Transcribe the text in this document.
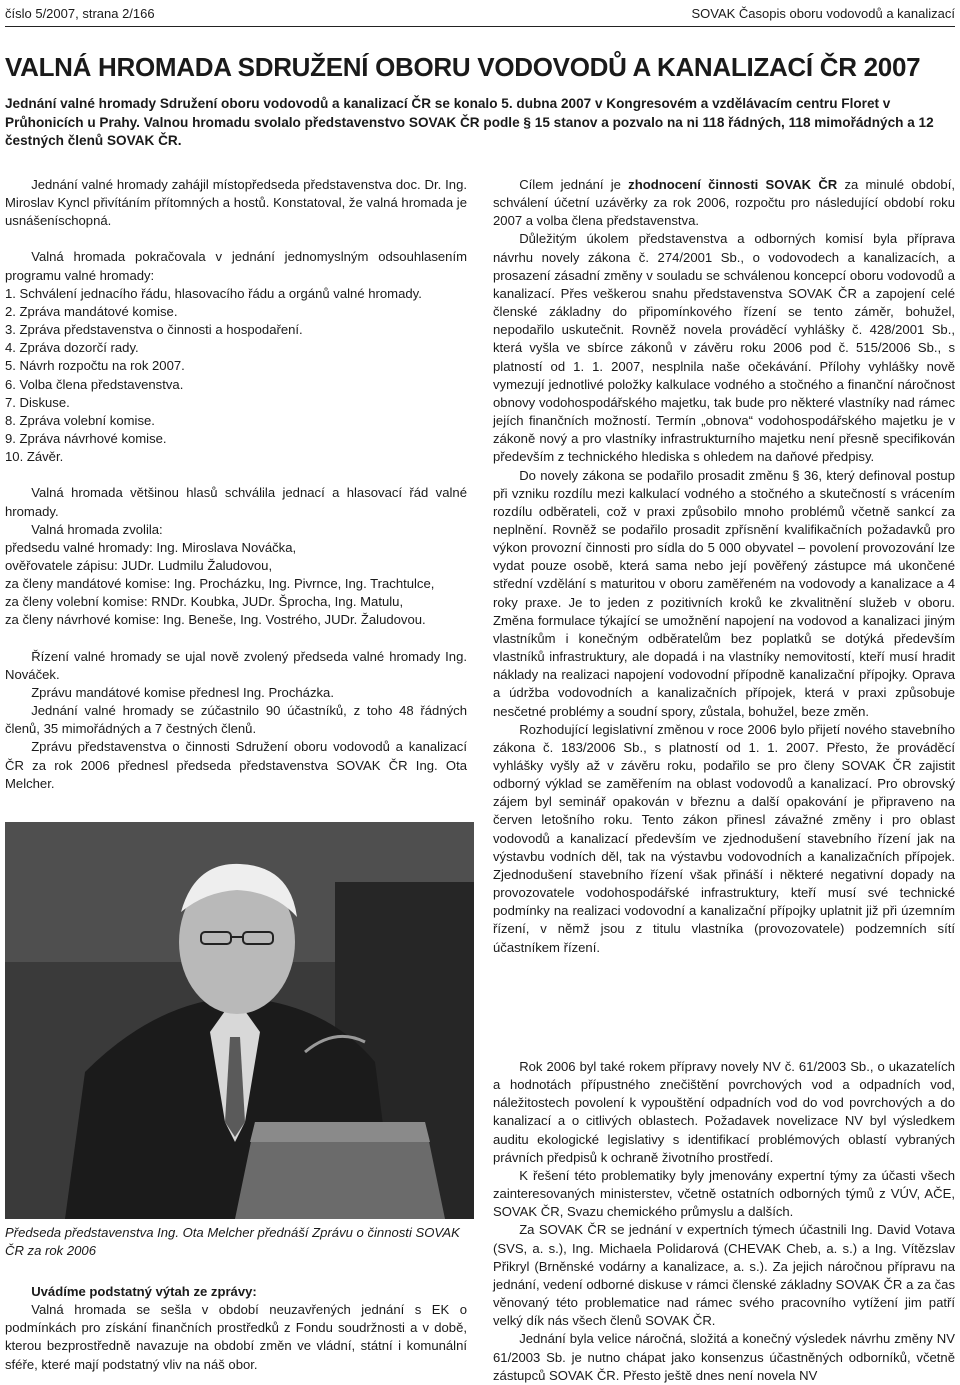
číslo 5/2007, strana 2/166	SOVAK Časopis oboru vodovodů a kanalizací
VALNÁ HROMADA SDRUŽENÍ OBORU VODOVODŮ A KANALIZACÍ ČR 2007

Jednání valné hromady Sdružení oboru vodovodů a kanalizací ČR se konalo 5. dubna 2007 v Kongresovém a vzdělávacím centru Floret v Průhonicích u Prahy. Valnou hromadu svolalo představenstvo SOVAK ČR podle § 15 stanov a pozvalo na ni 118 řádných, 118 mimořádných a 12 čestných členů SOVAK ČR.

Jednání valné hromady zahájil místopředseda představenstva doc. Dr. Ing. Miroslav Kyncl přivítáním přítomných a hostů. Konstatoval, že valná hromada je usnášeníschopná.

Valná hromada pokračovala v jednání jednomyslným odsouhlasením programu valné hromady:

1. Schválení jednacího řádu, hlasovacího řádu a orgánů valné hromady.
2. Zpráva mandátové komise.
3. Zpráva představenstva o činnosti a hospodaření.
4. Zpráva dozorčí rady.
5. Návrh rozpočtu na rok 2007.
6. Volba člena představenstva.
7. Diskuse.
8. Zpráva volební komise.
9. Zpráva návrhové komise.
10. Závěr.

Valná hromada většinou hlasů schválila jednací a hlasovací řád valné hromady.

Valná hromada zvolila:

předsedu valné hromady: Ing. Miroslava Nováčka,

ověřovatele zápisu: JUDr. Ludmilu Žaludovou,

za členy mandátové komise: Ing. Procházku, Ing. Pivrnce, Ing. Trachtulce,

za členy volební komise: RNDr. Koubka, JUDr. Šprocha, Ing. Matulu,

za členy návrhové komise: Ing. Beneše, Ing. Vostrého, JUDr. Žaludovou.

Řízení valné hromady se ujal nově zvolený předseda valné hromady Ing. Nováček.

Zprávu mandátové komise přednesl Ing. Procházka.

Jednání valné hromady se zúčastnilo 90 účastníků, z toho 48 řádných členů, 35 mimořádných a 7 čestných členů.

Zprávu představenstva o činnosti Sdružení oboru vodovodů a kanalizací ČR za rok 2006 přednesl předseda představenstva SOVAK ČR Ing. Ota Melcher.

Předseda představenstva Ing. Ota Melcher přednáší Zprávu o činnosti SOVAK ČR za rok 2006

Uvádíme podstatný výtah ze zprávy:

Valná hromada se sešla v období neuzavřených jednání s EK o podmínkách pro získání finančních prostředků z Fondu soudržnosti a v době, kterou bezprostředně navazuje na období změn ve vládní, státní i komunální sféře, které mají podstatný vliv na náš obor.

Cílem jednání je zhodnocení činnosti SOVAK ČR za minulé období, schválení účetní uzávěrky za rok 2006, rozpočtu pro následující období roku 2007 a volba člena představenstva.

Důležitým úkolem představenstva a odborných komisí byla příprava návrhu novely zákona č. 274/2001 Sb., o vodovodech a kanalizacích, a prosazení zásadní změny v souladu se schválenou koncepcí oboru vodovodů a kanalizací. Přes veškerou snahu představenstva SOVAK ČR a zapojení celé členské základny do připomínkového řízení se tento záměr, bohužel, nepodařilo uskutečnit. Rovněž novela prováděcí vyhlášky č. 428/2001 Sb., která vyšla ve sbírce zákonů v závěru roku 2006 pod č. 515/2006 Sb., s platností od 1. 1. 2007, nesplnila naše očekávání. Přílohy vyhlášky nově vymezují jednotlivé položky kalkulace vodného a stočného a finanční náročnost obnovy vodohospodářského majetku, tak bude pro některé vlastníky nad rámec jejích finančních možností. Termín „obnova“ vodohospodářského majetku je v zákoně nový a pro vlastníky infrastrukturního majetku není přesně specifikován především z technického hlediska s ohledem na daňové předpisy.

Do novely zákona se podařilo prosadit změnu § 36, který definoval postup při vzniku rozdílu mezi kalkulací vodného a stočného a skutečností s vrácením rozdílu odběrateli, což v praxi způsobilo mnoho problémů včetně sankcí za neplnění. Rovněž se podařilo prosadit zpřísnění kvalifikačních požadavků pro výkon provozní činnosti pro sídla do 5 000 obyvatel – povolení provozování lze vydat pouze osobě, která sama nebo její pověřený zástupce má ukončené střední vzdělání s maturitou v oboru zaměřeném na vodovody a kanalizace a 4 roky praxe. Je to jeden z pozitivních kroků ke zkvalitnění služeb v oboru. Změna formulace týkající se umožnění napojení na vodovod a kanalizaci jiným vlastníkům i konečným odběratelům bez poplatků se dotýká především vlastníků infrastruktury, ale dopadá i na vlastníky nemovitostí, kteří musí hradit náklady na realizaci napojení vodovodní přípodně kanalizační přípojky. Oprava a údržba vodovodních a kanalizačních přípojek, která v praxi způsobuje nesčetné problémy a soudní spory, zůstala, bohužel, beze změn.

Rozhodující legislativní změnou v roce 2006 bylo přijetí nového stavebního zákona č. 183/2006 Sb., s platností od 1. 1. 2007. Přesto, že prováděcí vyhlášky vyšly až v závěru roku, podařilo se pro členy SOVAK ČR zajistit odborný výklad se zaměřením na oblast vodovodů a kanalizací. Pro obrovský zájem byl seminář opakován v březnu a další opakování je připraveno na červen letošního roku. Tento zákon přinesl závažné změny i pro oblast vodovodů a kanalizací především ve zjednodušení stavebního řízení jak na výstavbu vodních děl, tak na výstavbu vodovodních a kanalizačních přípojek. Zjednodušení stavebního řízení však přináší i některé negativní dopady na provozovatele vodohospodářské infrastruktury, kteří musí své technické podmínky na realizaci vodovodní a kanalizační přípojky uplatnit již při územním řízení, v němž jsou z titulu vlastníka (provozovatele) podzemních sítí účastníkem řízení.

Rok 2006 byl také rokem přípravy novely NV č. 61/2003 Sb., o ukazatelích a hodnotách přípustného znečištění povrchových vod a odpadních vod, náležitostech povolení k vypouštění odpadních vod do vod povrchových a do kanalizací a o citlivých oblastech. Požadavek novelizace NV byl výsledkem auditu ekologické legislativy s identifikací problémových oblastí vybraných právních předpisů k ochraně životního prostředí.

K řešení této problematiky byly jmenovány expertní týmy za účasti všech zainteresovaných ministerstev, včetně ostatních odborných týmů z VÚV, AČE, SOVAK ČR, Svazu chemického průmyslu a dalších.

Za SOVAK ČR se jednání v expertních týmech účastnili Ing. David Votava (SVS, a. s.), Ing. Michaela Polidarová (CHEVAK Cheb, a. s.) a Ing. Vítězslav Přikryl (Brněnské vodárny a kanalizace, a. s.). Za jejich náročnou přípravu na jednání, vedení odborné diskuse v rámci členské základny SOVAK ČR a za čas věnovaný této problematice nad rámec svého pracovního vytížení jim patří velký dík nás všech členů SOVAK ČR.

Jednání byla velice náročná, složitá a konečný výsledek návrhu změny NV 61/2003 Sb. je nutno chápat jako konsenzus účastněných odborníků, včetně zástupců SOVAK ČR. Přesto ještě dnes není novela NV
